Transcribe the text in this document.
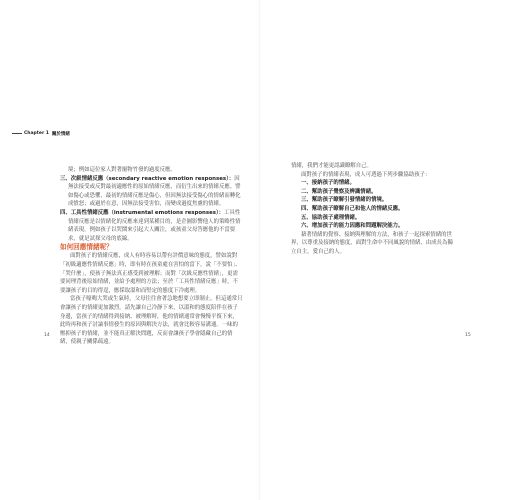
Chapter 1 關於情緒

境；例如這位家人對著寵物竹發的過度反應。

三、次級情緒反應（secondary reactive emotion responses）：因無法接受或反對最初適應性的原始情緒反應，而衍生出來的情緒反應。譬如傷心或恐懼，最初的情緒反應是傷心，但因無法接受傷心的情緒而轉化成憤怒；或過於在意，因無法接受害怕，而變成過度焦慮的情緒。

四、工具性情緒反應（instrumental emotions responses）：工具性情緒反應是以情緒化的反應來達到某種目的，是企圖影響他人的策略性情緒表現。例如孩子以哭鬧來引起大人關注，或孩童父母答應他的不當要求，就是試探父母的底線。

如何回應情緒呢？

面對孩子的情緒反應，成人有時容易以帶有評價意味的態度，譬如說對「初級適應性情緒反應」時，即有時在孩童處在害怕的當下，說「不要怕」、「哭什麼」，使孩子無法真正感受到被理解；而對「次級反應性情緒」，更需要同理背後原始情緒，並給予處理的方法；至於「工具性情緒反應」時，不要讓孩子的目的得逞，應採取溫和而堅定的態度下冷處理。

當孩子嚎啕大哭或生氣時，父母往往會著急地想要立即制止，但這通常只會讓孩子的情緒更加激烈。請先讓自己冷靜下來，以溫和的態度陪伴在孩子身邊，當孩子的情緒得到接納、被理解時，他的情緒通常會慢慢平復下來，此時再和孩子討論事情發生的原因與解決方法，就會比較容易溝通。一味的壓抑孩子的情緒，並不能真正解決問題，反而會讓孩子學會隱藏自己的情緒，使親子關係疏遠。

情緒，我們才能更認識瞭解自己。

面對孩子的情緒表現，成人可透過下列步驟協助孩子：

一、接納孩子的情緒。

二、幫助孩子覺察及辨識情緒。

三、幫助孩子瞭解引發情緒的情境。

四、幫助孩子瞭解自己和他人的情緒反應。

五、協助孩子處理情緒。

六、增加孩子的能力因應和問題解決能力。

藉著情緒的覺察、接納與理解的方法，和孩子一起探索情緒的世界，以尊重及接納的態度，面對生命中不同風貌的情緒，由成長為獨立自主，愛自己的人。

14	15
